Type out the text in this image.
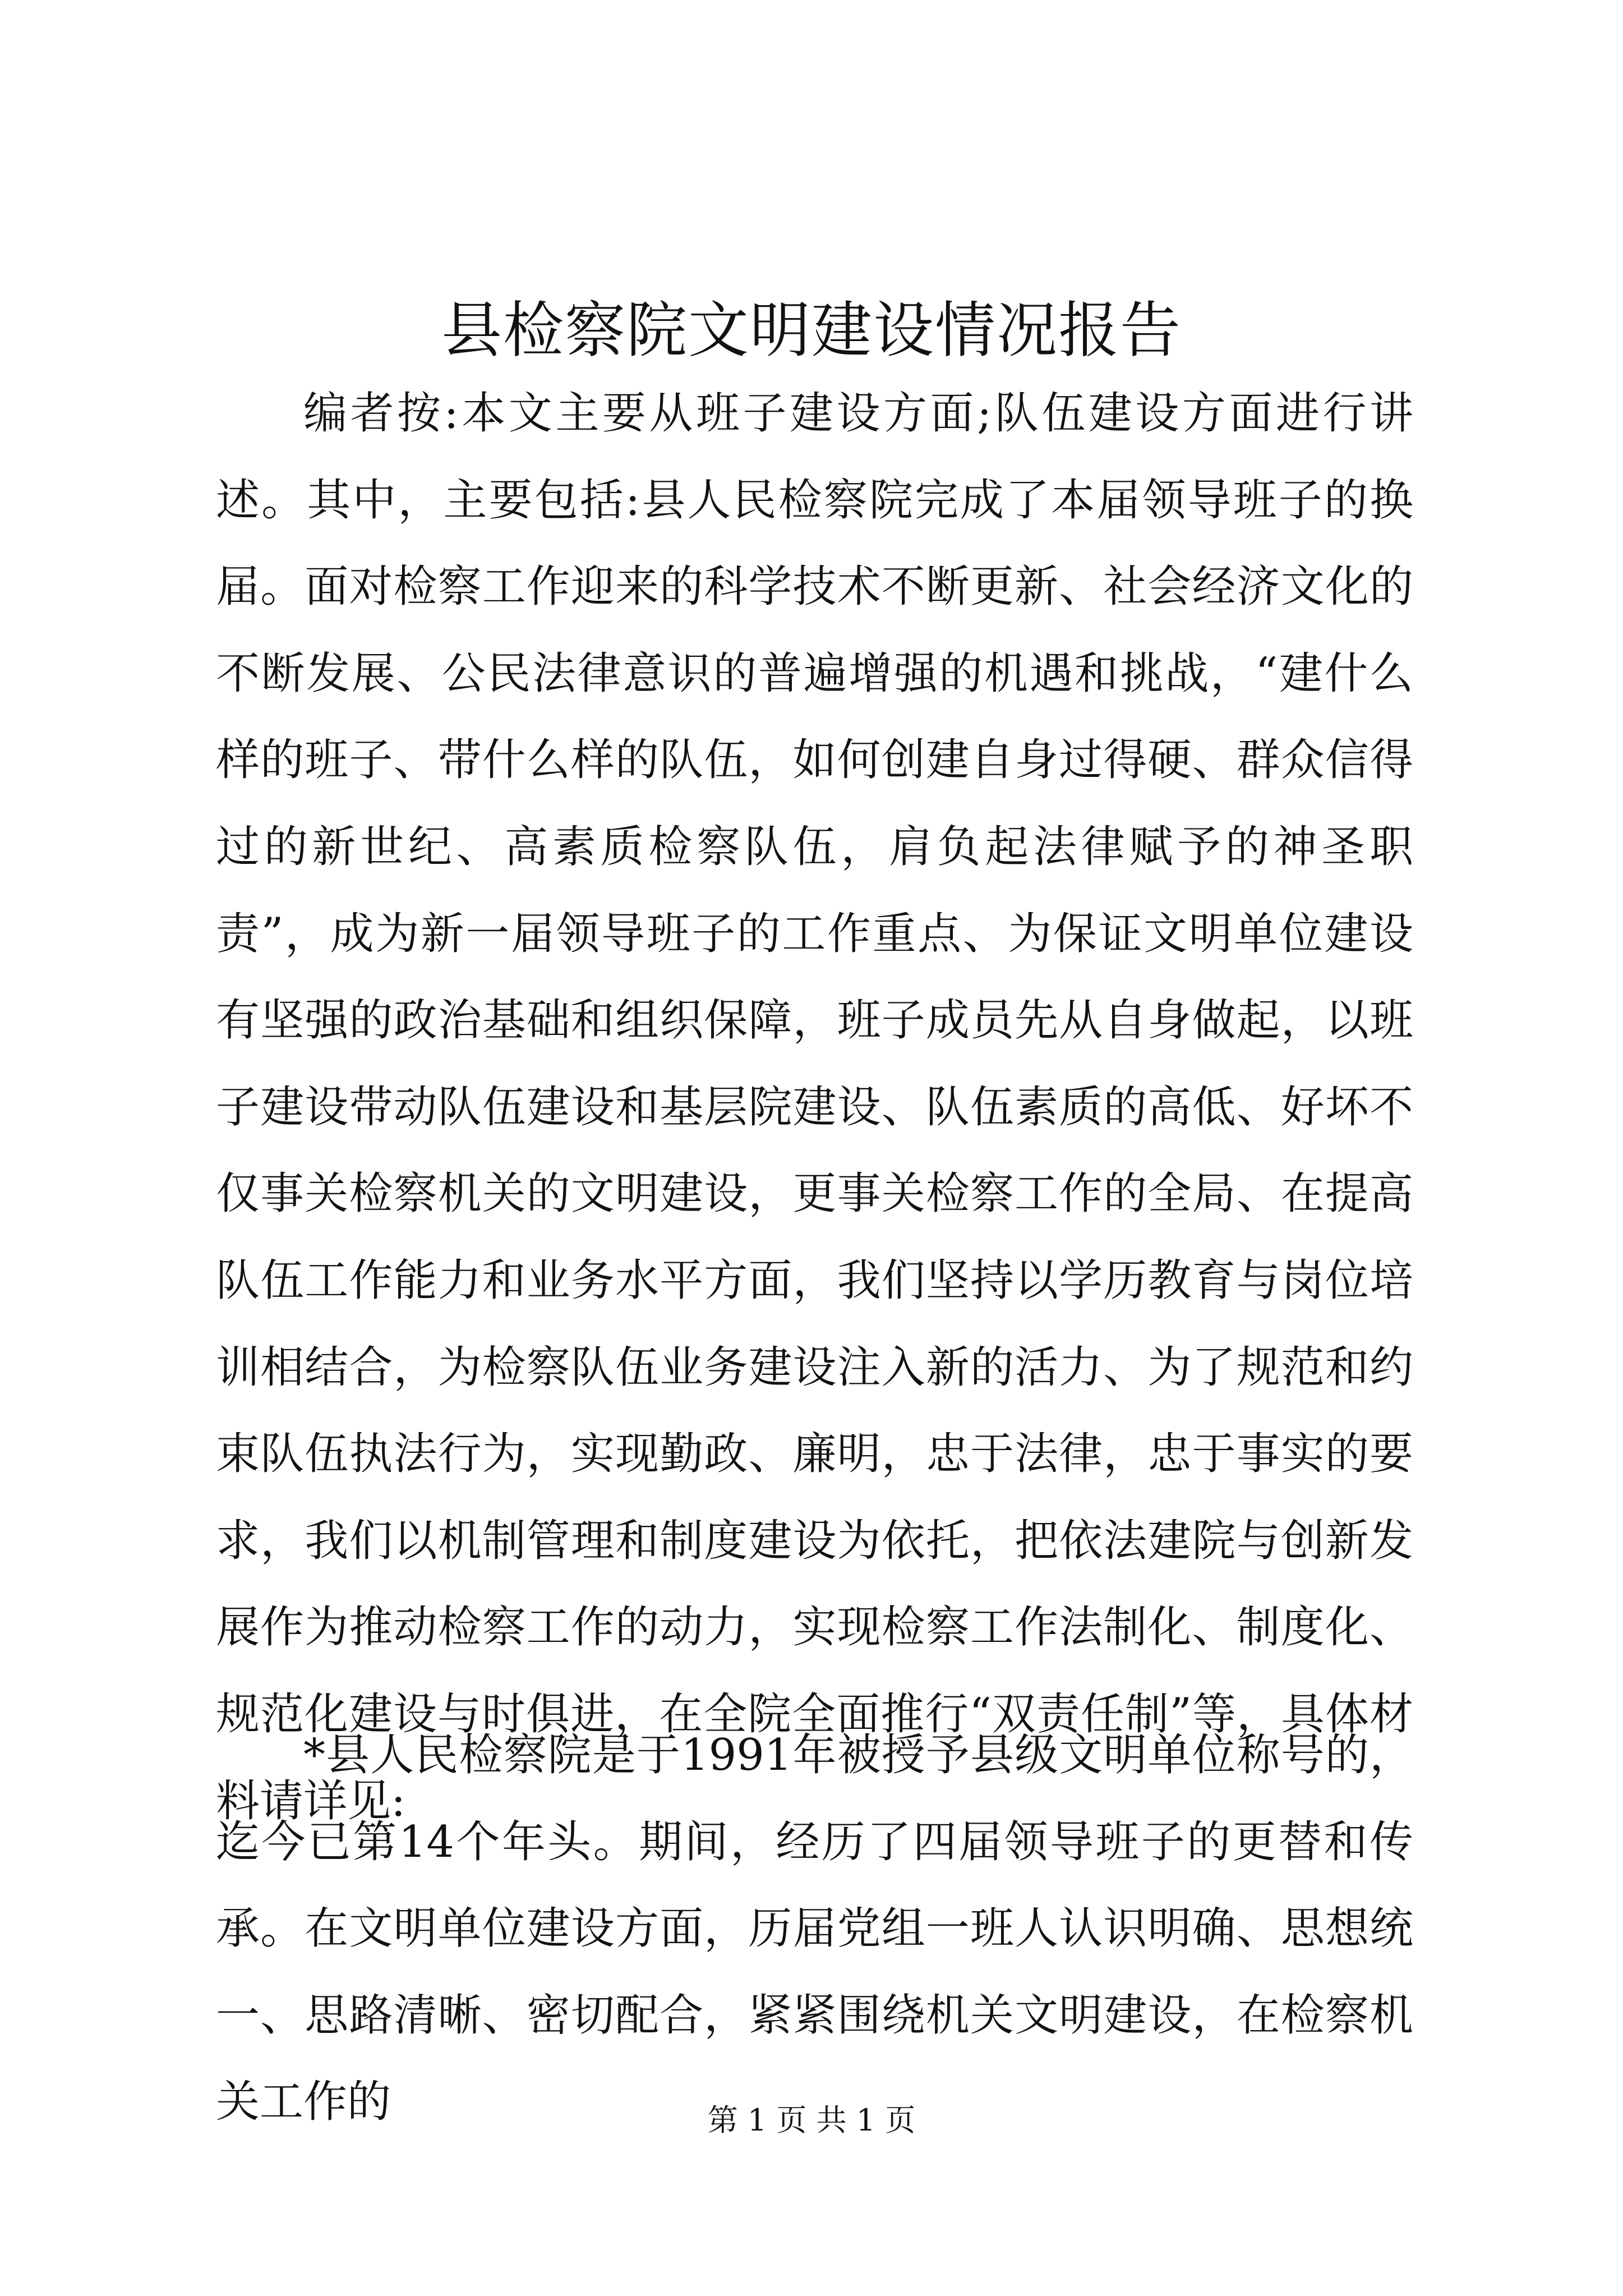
县检察院文明建设情况报告

编者按:本文主要从班子建设方面;队伍建设方面进行讲述。其中，主要包括:县人民检察院完成了本届领导班子的换届。面对检察工作迎来的科学技术不断更新、社会经济文化的不断发展、公民法律意识的普遍增强的机遇和挑战，“建什么样的班子、带什么样的队伍，如何创建自身过得硬、群众信得过的新世纪、高素质检察队伍，肩负起法律赋予的神圣职责”，成为新一届领导班子的工作重点、为保证文明单位建设有坚强的政治基础和组织保障，班子成员先从自身做起，以班子建设带动队伍建设和基层院建设、队伍素质的高低、好坏不仅事关检察机关的文明建设，更事关检察工作的全局、在提高队伍工作能力和业务水平方面，我们坚持以学历教育与岗位培训相结合，为检察队伍业务建设注入新的活力、为了规范和约束队伍执法行为，实现勤政、廉明，忠于法律，忠于事实的要求，我们以机制管理和制度建设为依托，把依法建院与创新发展作为推动检察工作的动力，实现检察工作法制化、制度化、规范化建设与时俱进，在全院全面推行“双责任制”等，具体材料请详见:

*县人民检察院是于1991年被授予县级文明单位称号的，迄今已第14个年头。期间，经历了四届领导班子的更替和传承。在文明单位建设方面，历届党组一班人认识明确、思想统一、思路清晰、密切配合，紧紧围绕机关文明建设，在检察机关工作的	第 1 页 共 1 页
